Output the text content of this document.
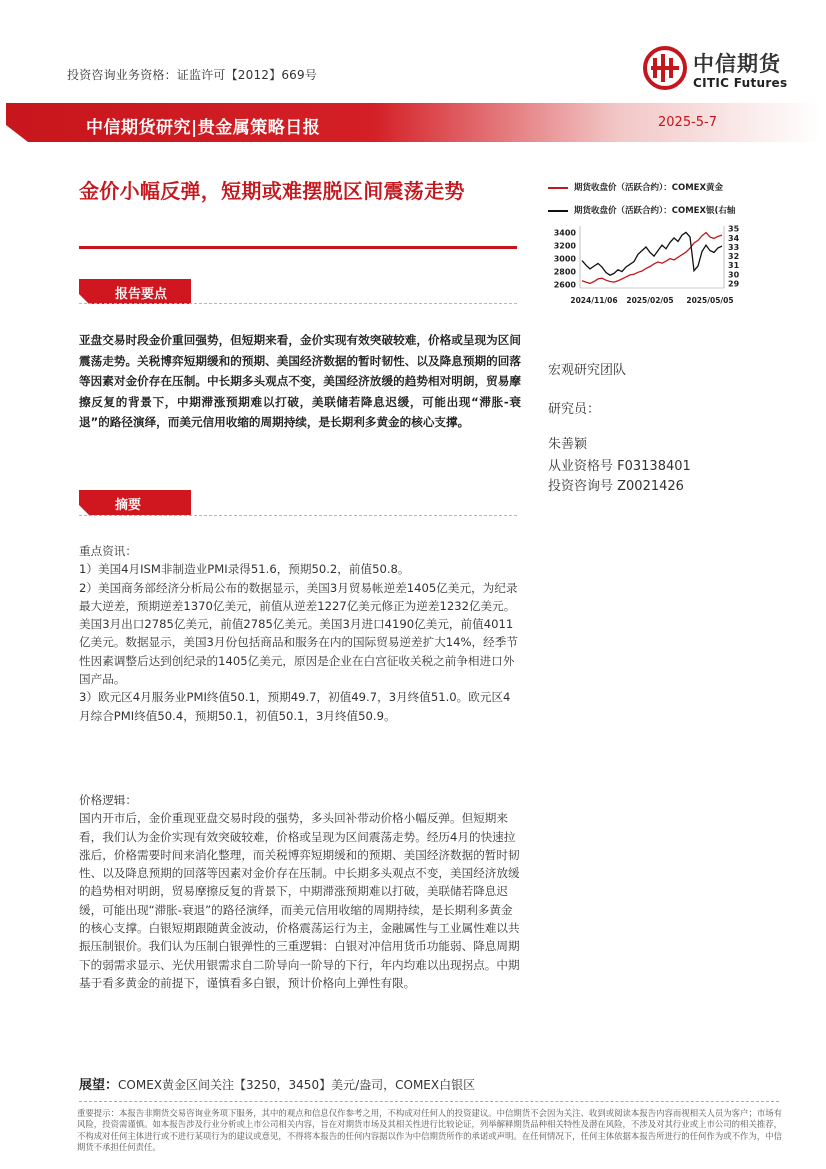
投资咨询业务资格：证监许可【2012】669号	中信期货
CITIC Futures
中信期货研究|贵金属策略日报	2025-5-7
金价小幅反弹，短期或难摆脱区间震荡走势
报告要点
亚盘交易时段金价重回强势，但短期来看，金价实现有效突破较难，价格或呈现为区间震荡走势。关税博弈短期缓和的预期、美国经济数据的暂时韧性、以及降息预期的回落等因素对金价存在压制。中长期多头观点不变，美国经济放缓的趋势相对明朗，贸易摩擦反复的背景下，中期滞涨预期难以打破，美联储若降息迟缓，可能出现“滞胀-衰退”的路径演绎，而美元信用收缩的周期持续，是长期利多黄金的核心支撑。
摘要

重点资讯：

1）美国4月ISM非制造业PMI录得51.6，预期50.2，前值50.8。

2）美国商务部经济分析局公布的数据显示，美国3月贸易帐逆差1405亿美元，为纪录最大逆差，预期逆差1370亿美元，前值从逆差1227亿美元修正为逆差1232亿美元。美国3月出口2785亿美元，前值2785亿美元。美国3月进口4190亿美元，前值4011亿美元。数据显示，美国3月份包括商品和服务在内的国际贸易逆差扩大14%，经季节性因素调整后达到创纪录的1405亿美元，原因是企业在白宫征收关税之前争相进口外国产品。

3）欧元区4月服务业PMI终值50.1，预期49.7，初值49.7，3月终值51.0。欧元区4月综合PMI终值50.4，预期50.1，初值50.1，3月终值50.9。

价格逻辑：

国内开市后，金价重现亚盘交易时段的强势，多头回补带动价格小幅反弹。但短期来看，我们认为金价实现有效突破较难，价格或呈现为区间震荡走势。经历4月的快速拉涨后，价格需要时间来消化整理，而关税博弈短期缓和的预期、美国经济数据的暂时韧性、以及降息预期的回落等因素对金价存在压制。中长期多头观点不变，美国经济放缓的趋势相对明朗，贸易摩擦反复的背景下，中期滞涨预期难以打破，美联储若降息迟缓，可能出现“滞胀-衰退”的路径演绎，而美元信用收缩的周期持续，是长期利多黄金的核心支撑。白银短期跟随黄金波动，价格震荡运行为主，金融属性与工业属性难以共振压制银价。我们认为压制白银弹性的三重逻辑：白银对冲信用货币功能弱、降息周期下的弱需求显示、光伏用银需求自二阶导向一阶导的下行，年内均难以出现拐点。中期基于看多黄金的前提下，谨慎看多白银，预计价格向上弹性有限。

展望：COMEX黄金区间关注【3250，3450】美元/盎司，COMEX白银区
重要提示：本报告非期货交易咨询业务项下服务，其中的观点和信息仅作参考之用，不构成对任何人的投资建议。中信期货不会因为关注、收到或阅读本报告内容而视相关人员为客户；市场有风险，投资需谨慎。如本报告涉及行业分析或上市公司相关内容，旨在对期货市场及其相关性进行比较论证，列举解释期货品种相关特性及潜在风险，不涉及对其行业或上市公司的相关推荐，不构成对任何主体进行或不进行某项行为的建议或意见，不得将本报告的任何内容据以作为中信期货所作的承诺或声明。在任何情况下，任何主体依据本报告所进行的任何作为或不作为，中信期货不承担任何责任。
期货收盘价（活跃合约）：COMEX黄金
期货收盘价（活跃合约）：COMEX银(右轴
3400
3200
3000
2800
2600
35
34
33
32
31
30
29
2024/11/06 2025/02/05 2025/05/05
宏观研究团队
研究员：
朱善颖
从业资格号 F03138401
投资咨询号 Z0021426
